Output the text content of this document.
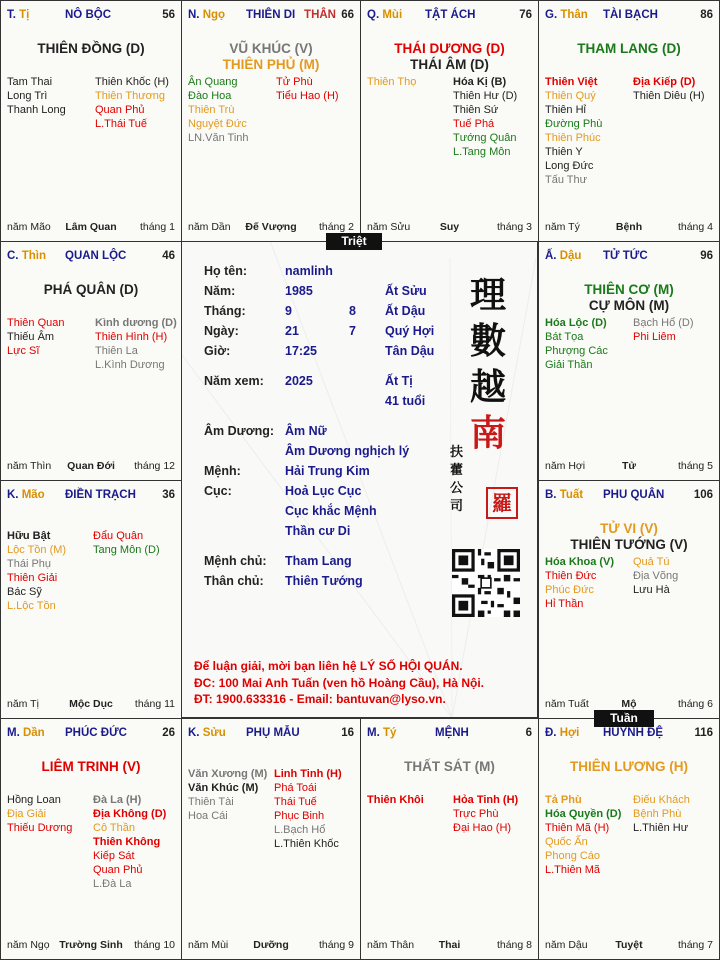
Họ tên:	namlinh
Năm:	1985	Ất Sửu
Tháng:	9	8 Ất Dậu
Ngày:	21	7 Quý Hợi
Giờ:	17:25	Tân Dậu
Năm xem: 2025	Ất Tị
41 tuổi
Âm Dương: Âm Nữ
Âm Dương nghịch lý
Mệnh:	Hải Trung Kim
Cục:	Hoả Lục Cục
Cục khắc Mệnh
Thần cư Di
Mệnh chủ: Tham Lang
Thân chủ: Thiên Tướng
理
數
越
南
扶
藿
公
司	羅
Để luận giải, mời bạn liên hệ LÝ SỐ HỘI QUÁN.
ĐC: 100 Mai Anh Tuấn (ven hồ Hoàng Cầu), Hà Nội.
ĐT: 1900.633316 - Email: bantuvan@lyso.vn.
T. Tị	NÔ BỘC	56
THIÊN ĐỒNG (D)
Tam Thai
Long Trì
Thanh Long
Thiên Khốc (H)
Thiên Thương
Quan Phủ
L.Thái Tuế
năm Mão	Lâm Quan	tháng 1
N. Ngọ THIÊN DI THÂN 66
VŨ KHÚC (V)
THIÊN PHỦ (M)
Ân Quang
Đào Hoa
Thiên Trù
Nguyệt Đức
LN.Văn Tinh
Tử Phù
Tiểu Hao (H)
năm Dần	Đế Vượng	tháng 2
Q. Mùi TẬT ÁCH	76
THÁI DƯƠNG (D)
THÁI ÂM (D)
Thiên Thọ	Hóa Kị (B)
Thiên Hư (D)
Thiên Sứ
Tuế Phá
Tướng Quân
L.Tang Môn
năm Sửu	Suy	tháng 3
G. Thân TÀI BẠCH	86
THAM LANG (D)
Thiên Việt
Thiên Quý
Thiên Hỉ
Đường Phù
Thiên Phúc
Thiên Y
Long Đức
Tấu Thư
Địa Kiếp (D)
Thiên Diêu (H)
năm Tý	Bệnh	tháng 4
C. Thìn QUAN LỘC	46
PHÁ QUÂN (D)
Thiên Quan
Thiếu Âm
Lực Sĩ
Kình dương (D)
Thiên Hình (H)
Thiên La
L.Kình Dương
năm Thìn	Quan Đới	tháng 12
Ấ. Dậu TỬ TỨC	96
THIÊN CƠ (M)
CỰ MÔN (M)
Hóa Lộc (D)
Bát Tọa
Phượng Các
Giải Thần
Bạch Hổ (D)
Phi Liêm
năm Hợi	Tử	tháng 5
K. Mão ĐIỀN TRẠCH 36
Hữu Bật
Lộc Tồn (M)
Thái Phụ
Thiên Giải
Bác Sỹ
L.Lộc Tồn
Đẩu Quân
Tang Môn (D)
năm Tị	Mộc Dục	tháng 11
B. Tuất PHU QUÂN	106
TỬ VI (V)
THIÊN TƯỚNG (V)
Hóa Khoa (V)
Thiên Đức
Phúc Đức
Hỉ Thần
Quả Tú
Địa Võng
Lưu Hà
năm Tuất	Mộ	tháng 6
M. Dần PHÚC ĐỨC	26
LIÊM TRINH (V)
Hồng Loan
Địa Giải
Thiếu Dương
Đà La (H)
Địa Không (D)
Cô Thần
Thiên Không
Kiếp Sát
Quan Phủ
L.Đà La
năm Ngọ Trường Sinh	tháng 10
K. Sửu PHỤ MẪU	16
Văn Xương (M)
Văn Khúc (M)
Thiên Tài
Hoa Cái
Linh Tinh (H)
Phá Toái
Thái Tuế
Phục Binh
L.Bạch Hổ
L.Thiên Khốc
năm Mùi	Dưỡng	tháng 9
M. Tý	MỆNH	6
THẤT SÁT (M)
Thiên Khôi	Hỏa Tinh (H)
Trực Phù
Đại Hao (H)
năm Thân	Thai	tháng 8
Đ. Hợi HUYNH ĐỆ	116
THIÊN LƯƠNG (H)
Tả Phù
Hóa Quyền (D)
Thiên Mã (H)
Quốc Ấn
Phong Cáo
L.Thiên Mã
Điếu Khách
Bệnh Phù
L.Thiên Hư
năm Dậu	Tuyệt	tháng 7
Triệt
Tuần
